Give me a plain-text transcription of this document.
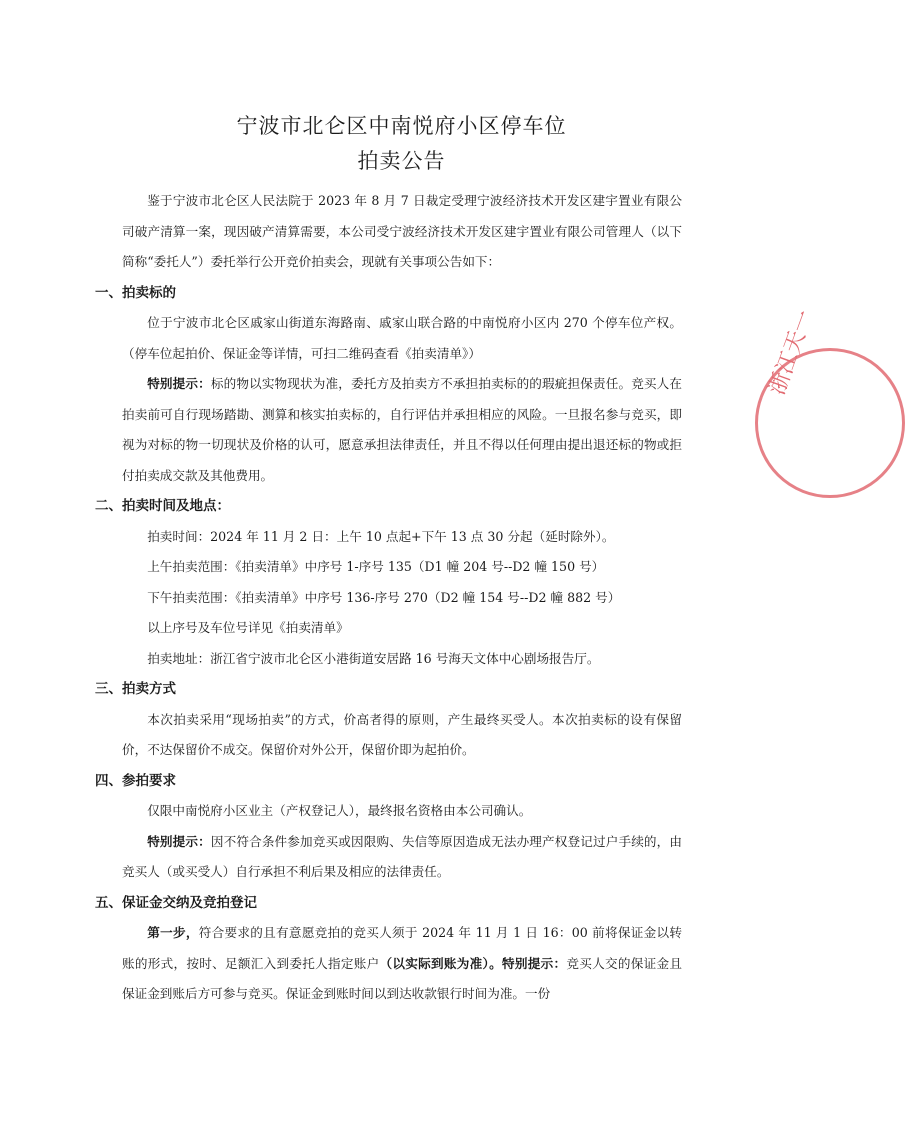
宁波市北仑区中南悦府小区停车位
拍卖公告

鉴于宁波市北仑区人民法院于 2023 年 8 月 7 日裁定受理宁波经济技术开发区建宇置业有限公司破产清算一案，现因破产清算需要，本公司受宁波经济技术开发区建宇置业有限公司管理人（以下简称“委托人”）委托举行公开竞价拍卖会，现就有关事项公告如下：

一、拍卖标的

位于宁波市北仑区戚家山街道东海路南、戚家山联合路的中南悦府小区内 270 个停车位产权。（停车位起拍价、保证金等详情，可扫二维码查看《拍卖清单》）

特别提示：标的物以实物现状为准，委托方及拍卖方不承担拍卖标的的瑕疵担保责任。竞买人在拍卖前可自行现场踏勘、测算和核实拍卖标的，自行评估并承担相应的风险。一旦报名参与竞买，即视为对标的物一切现状及价格的认可，愿意承担法律责任，并且不得以任何理由提出退还标的物或拒付拍卖成交款及其他费用。

二、拍卖时间及地点：

拍卖时间：2024 年 11 月 2 日：上午 10 点起+下午 13 点 30 分起（延时除外）。

上午拍卖范围：《拍卖清单》中序号 1-序号 135（D1 幢 204 号--D2 幢 150 号）

下午拍卖范围：《拍卖清单》中序号 136-序号 270（D2 幢 154 号--D2 幢 882 号）

以上序号及车位号详见《拍卖清单》

拍卖地址：浙江省宁波市北仑区小港街道安居路 16 号海天文体中心剧场报告厅。

三、拍卖方式

本次拍卖采用“现场拍卖”的方式，价高者得的原则，产生最终买受人。本次拍卖标的设有保留价，不达保留价不成交。保留价对外公开，保留价即为起拍价。

四、参拍要求

仅限中南悦府小区业主（产权登记人），最终报名资格由本公司确认。

特别提示：因不符合条件参加竞买或因限购、失信等原因造成无法办理产权登记过户手续的，由竞买人（或买受人）自行承担不利后果及相应的法律责任。

五、保证金交纳及竞拍登记

第一步，符合要求的且有意愿竞拍的竞买人须于 2024 年 11 月 1 日 16：00 前将保证金以转账的形式，按时、足额汇入到委托人指定账户（以实际到账为准）。特别提示：竞买人交的保证金且保证金到账后方可参与竞买。保证金到账时间以到达收款银行时间为准。一份

浙江天一
